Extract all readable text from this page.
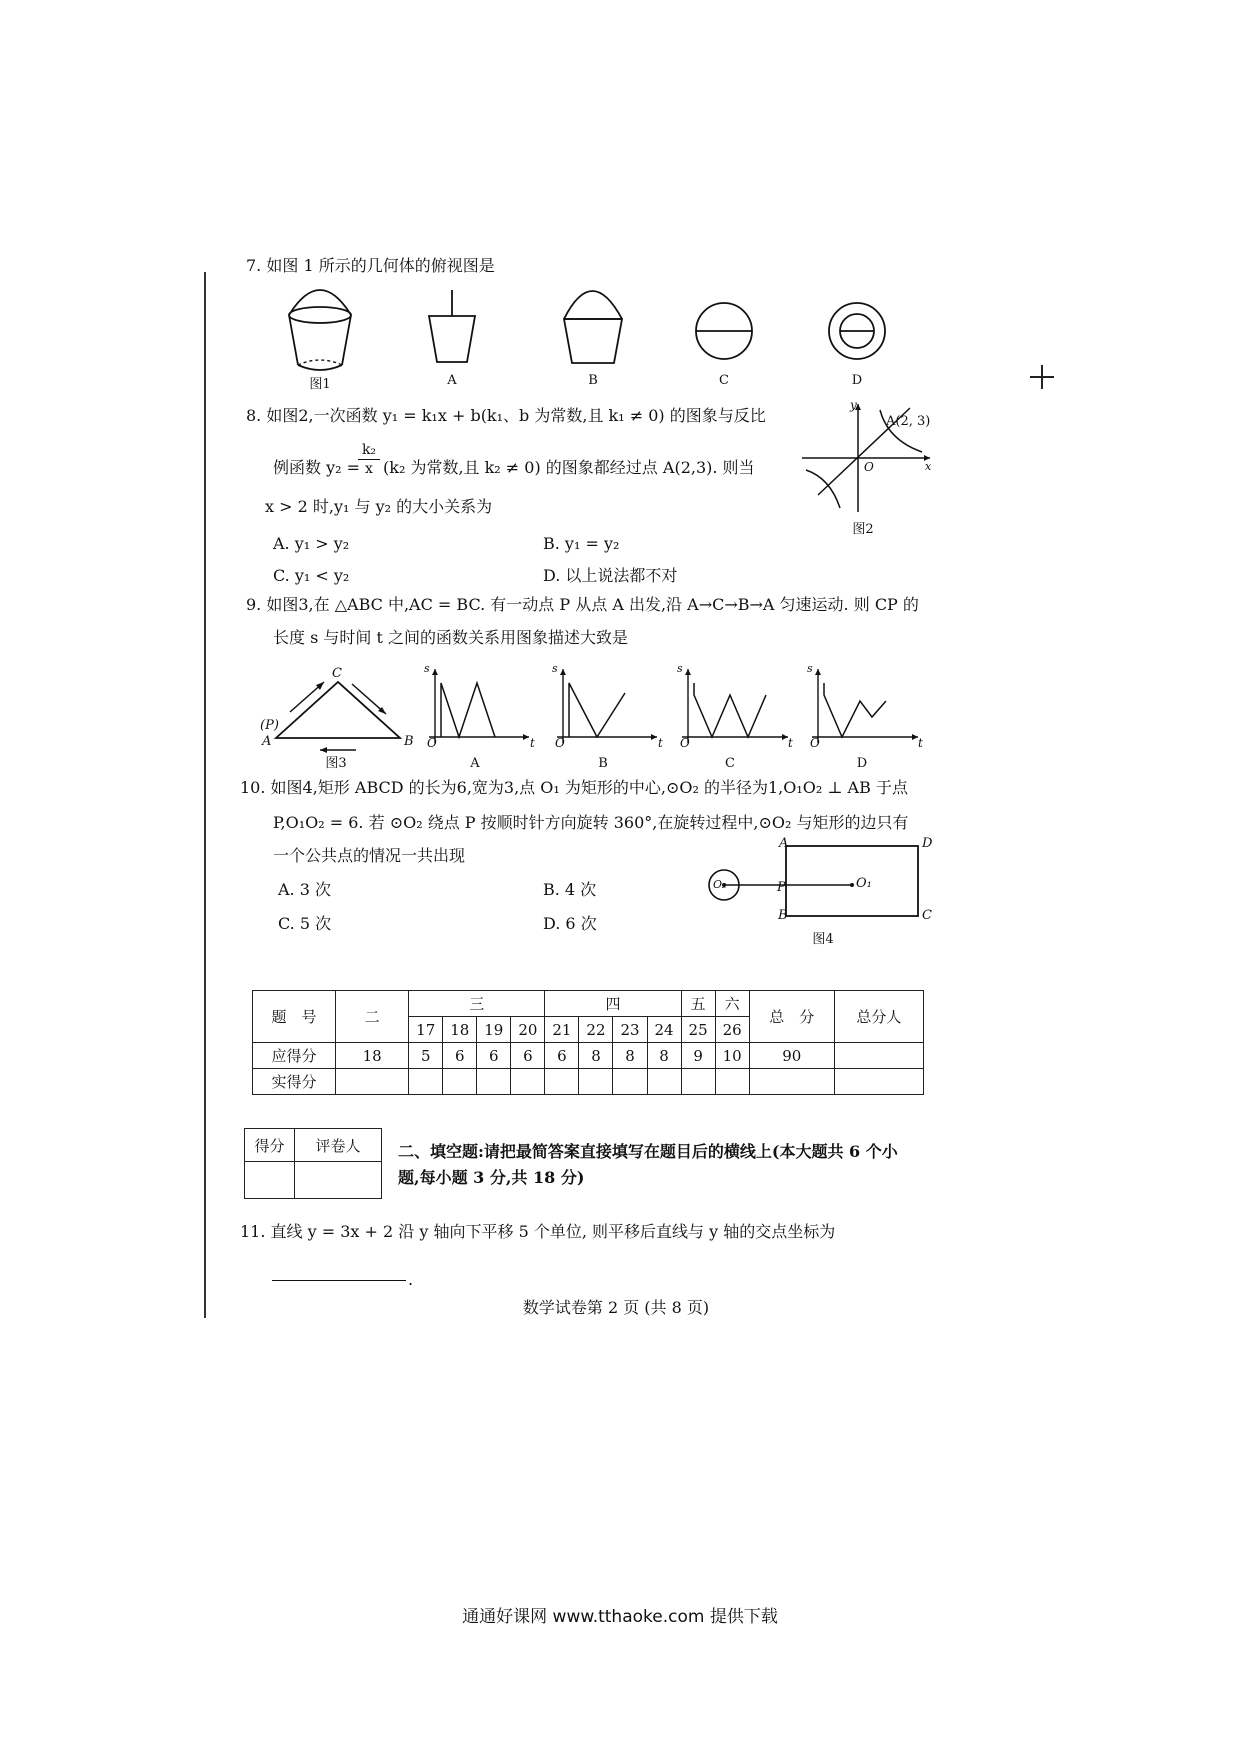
7. 如图 1 所示的几何体的俯视图是
图1	A	B	C	D
8. 如图2,一次函数 y₁ = k₁x + b(k₁、b 为常数,且 k₁ ≠ 0) 的图象与反比
例函数 y₂ =
k₂
x (k₂ 为常数,且 k₂ ≠ 0) 的图象都经过点 A(2,3). 则当
x > 2 时,y₁ 与 y₂ 的大小关系为
A. y₁ > y₂	B. y₁ = y₂
C. y₁ < y₂	D. 以上说法都不对
y
A(2, 3)
x
O
图2
9. 如图3,在 △ABC 中,AC = BC. 有一动点 P 从点 A 出发,沿 A→C→B→A 匀速运动. 则 CP 的
长度 s 与时间 t 之间的函数关系用图象描述大致是
C
(P)
A	B
图3
s
O	t
s
O	t
s
O	t
s
O	t
A	B	C	D
10. 如图4,矩形 ABCD 的长为6,宽为3,点 O₁ 为矩形的中心,⊙O₂ 的半径为1,O₁O₂ ⊥ AB 于点
P,O₁O₂ = 6. 若 ⊙O₂ 绕点 P 按顺时针方向旋转 360°,在旋转过程中,⊙O₂ 与矩形的边只有
一个公共点的情况一共出现
A. 3 次	B. 4 次
C. 5 次	D. 6 次
A	D
B	C
P	O₁
O₂
图4
题　号	二	三				四				五	六	总　分	总分人
		17	18	19	20	21	22	23	24	25	26		
应得分	18	5	6	6	6	6	8	8	8	9	10	90	
实得分													
得分	评卷人
	二、填空题:请把最简答案直接填写在题目后的横线上(本大题共 6 个小
题,每小题 3 分,共 18 分)
11. 直线 y = 3x + 2 沿 y 轴向下平移 5 个单位, 则平移后直线与 y 轴的交点坐标为
.
数学试卷第 2 页 (共 8 页)
通通好课网 www.tthaoke.com 提供下载
